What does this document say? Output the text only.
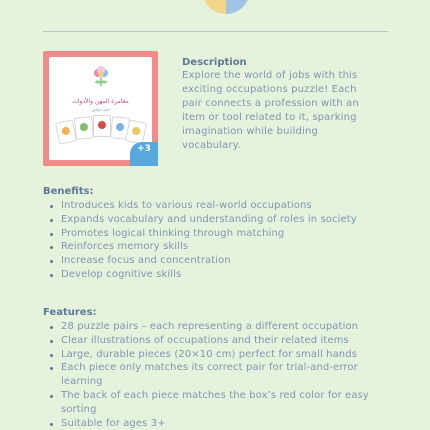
مغامرة المهن والأدوات
لعبة تطابق
+3
Description
Explore the world of jobs with this exciting occupations puzzle! Each pair connects a profession with an item or tool related to it, sparking imagination while building vocabulary.
Benefits:
Introduces kids to various real-world occupations
Expands vocabulary and understanding of roles in society
Promotes logical thinking through matching
Reinforces memory skills
Increase focus and concentration
Develop cognitive skills
Features:
28 puzzle pairs – each representing a different occupation
Clear illustrations of occupations and their related items
Large, durable pieces (20×10 cm) perfect for small hands
Each piece only matches its correct pair for trial-and-error learning
The back of each piece matches the box’s red color for easy sorting
Suitable for ages 3+
